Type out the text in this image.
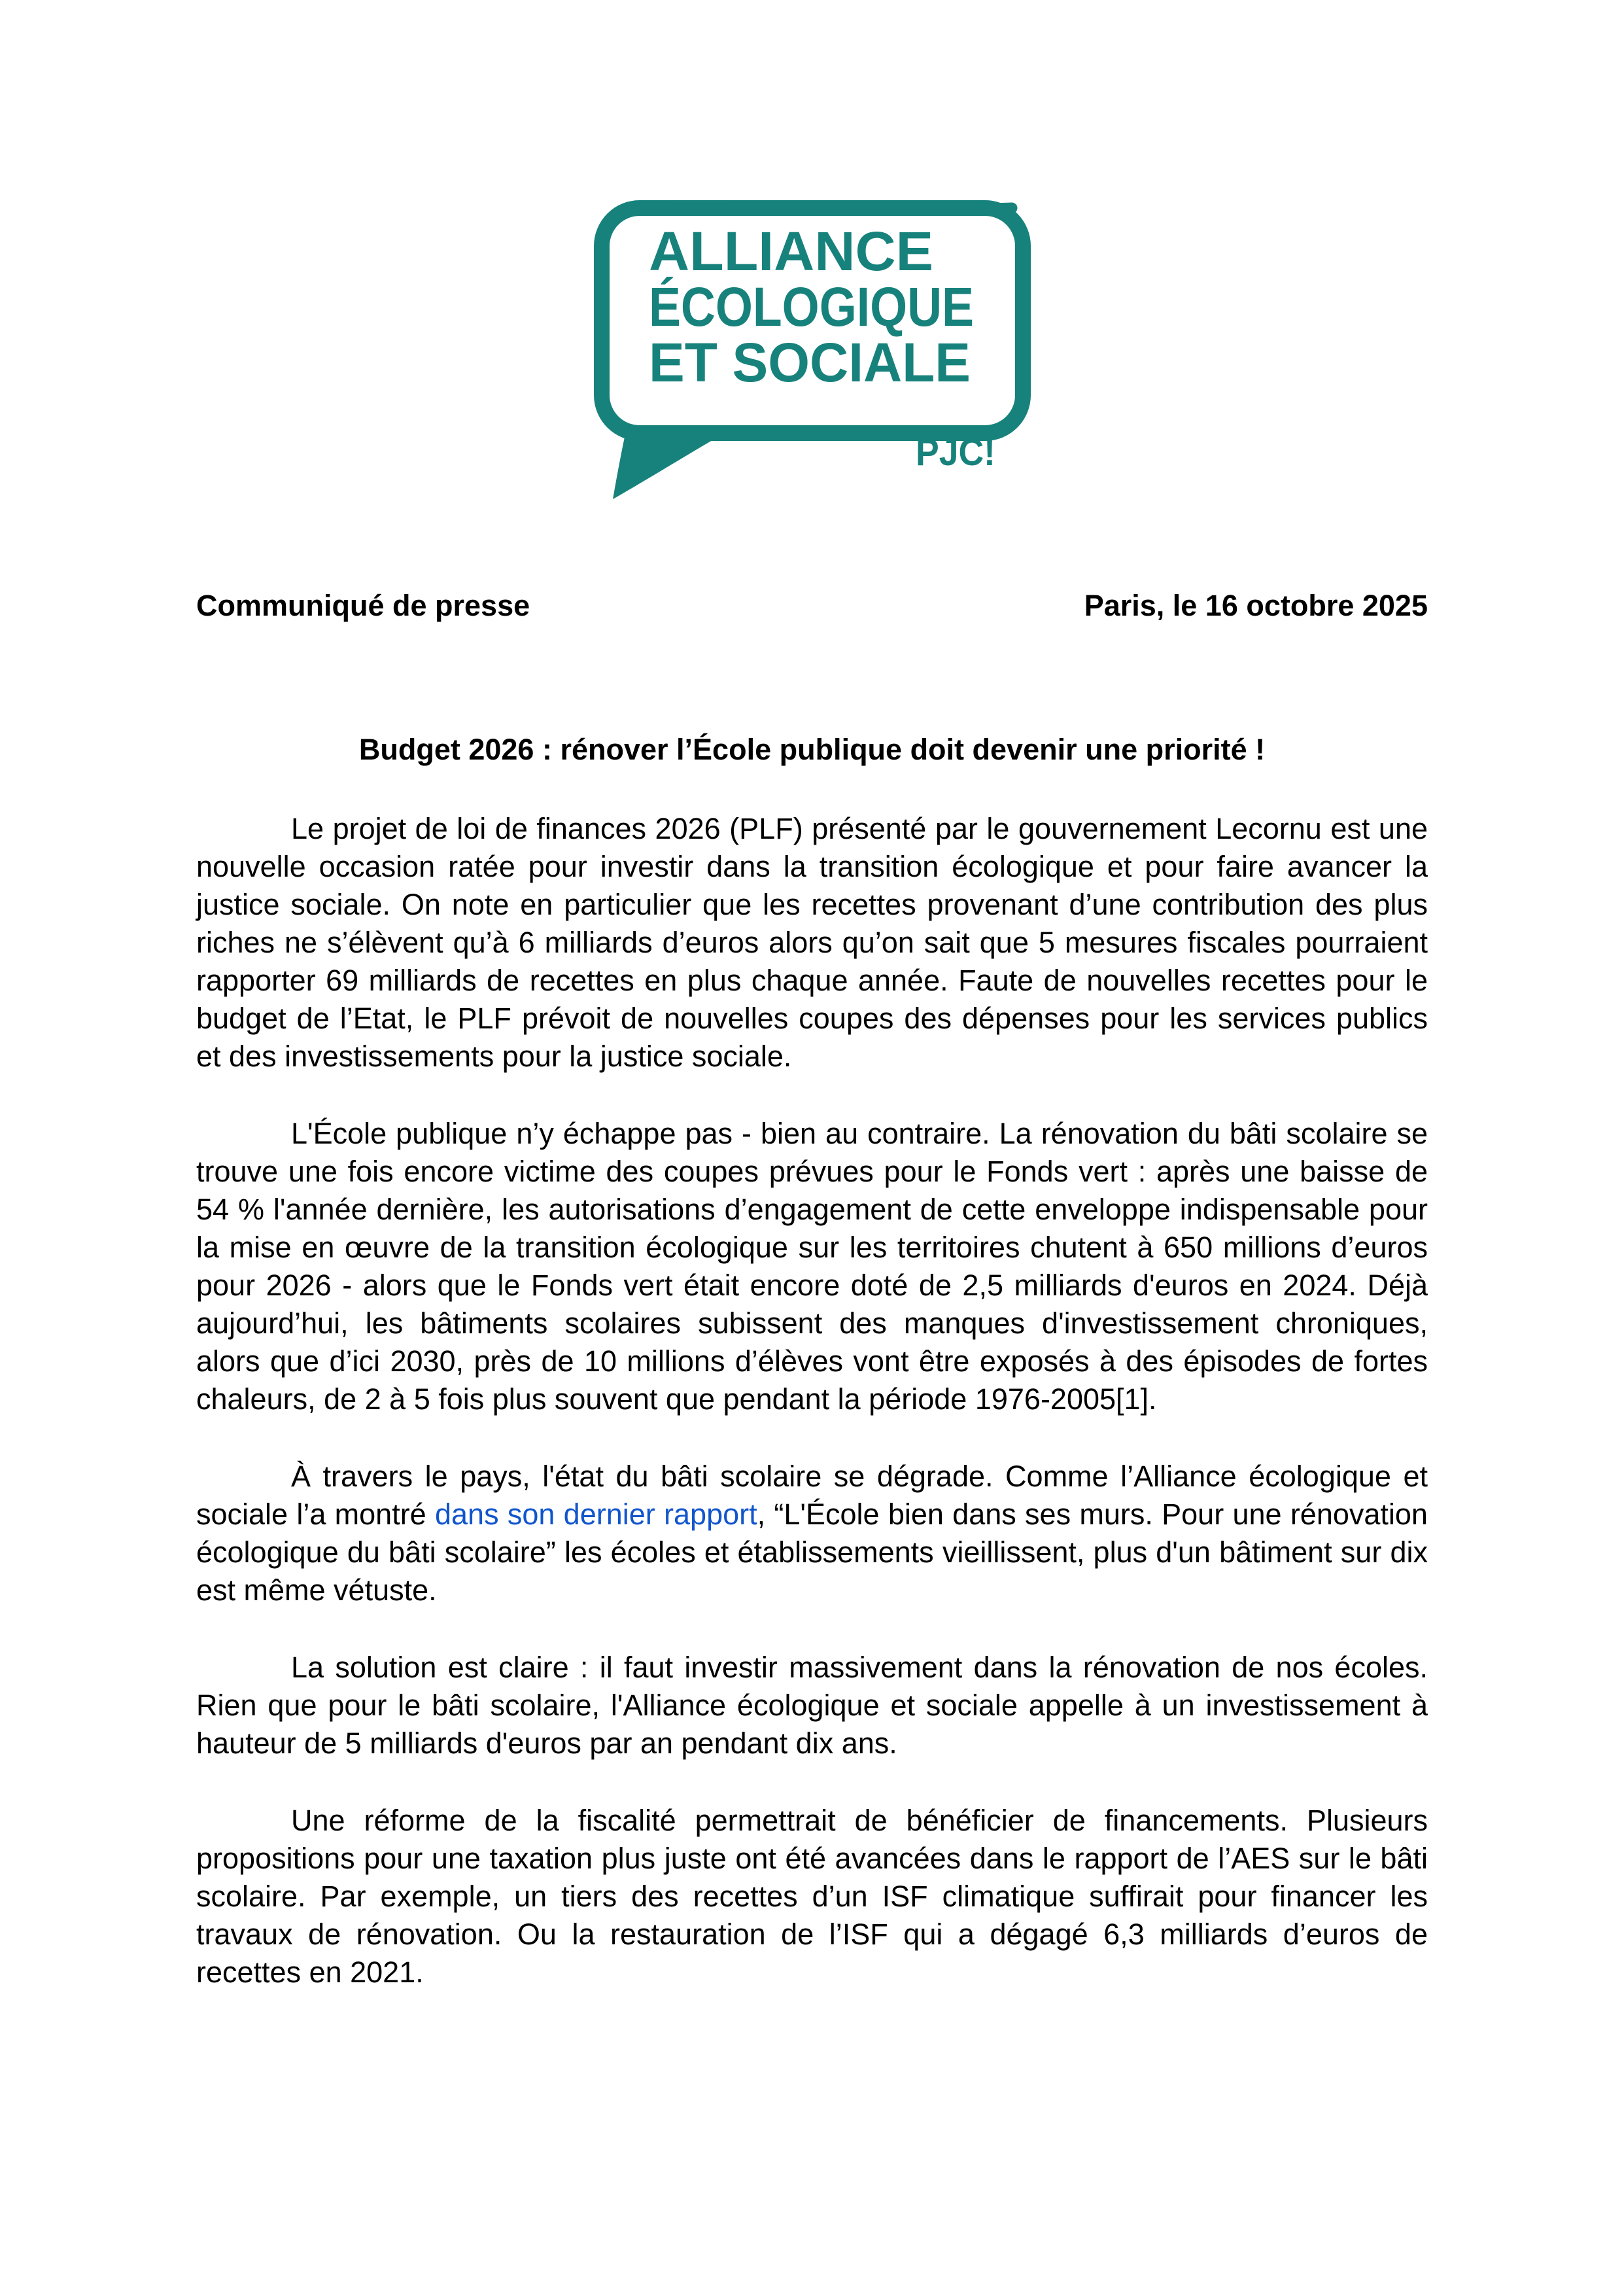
ALLIANCE
ÉCOLOGIQUE
ET SOCIALE
PJC!
Communiqué de presse	Paris, le 16 octobre 2025
Budget 2026 : rénover l’École publique doit devenir une priorité !

Le projet de loi de finances 2026 (PLF) présenté par le gouvernement Lecornu est une nouvelle occasion ratée pour investir dans la transition écologique et pour faire avancer la justice sociale. On note en particulier que les recettes provenant d’une contribution des plus riches ne s’élèvent qu’à 6 milliards d’euros alors qu’on sait que 5 mesures fiscales pourraient rapporter 69 milliards de recettes en plus chaque année. Faute de nouvelles recettes pour le budget de l’Etat, le PLF prévoit de nouvelles coupes des dépenses pour les services publics et des investissements pour la justice sociale.

L'École publique n’y échappe pas - bien au contraire. La rénovation du bâti scolaire se trouve une fois encore victime des coupes prévues pour le Fonds vert : après une baisse de 54 % l'année dernière, les autorisations d’engagement de cette enveloppe indispensable pour la mise en œuvre de la transition écologique sur les territoires chutent à 650 millions d’euros pour 2026 - alors que le Fonds vert était encore doté de 2,5 milliards d'euros en 2024. Déjà aujourd’hui, les bâtiments scolaires subissent des manques d'investissement chroniques, alors que d’ici 2030, près de 10 millions d’élèves vont être exposés à des épisodes de fortes chaleurs, de 2 à 5 fois plus souvent que pendant la période 1976-2005[1].

À travers le pays, l'état du bâti scolaire se dégrade. Comme l’Alliance écologique et sociale l’a montré dans son dernier rapport, “L'École bien dans ses murs. Pour une rénovation écologique du bâti scolaire” les écoles et établissements vieillissent, plus d'un bâtiment sur dix est même vétuste.

La solution est claire : il faut investir massivement dans la rénovation de nos écoles. Rien que pour le bâti scolaire, l'Alliance écologique et sociale appelle à un investissement à hauteur de 5 milliards d'euros par an pendant dix ans.

Une réforme de la fiscalité permettrait de bénéficier de financements. Plusieurs propositions pour une taxation plus juste ont été avancées dans le rapport de l’AES sur le bâti scolaire. Par exemple, un tiers des recettes d’un ISF climatique suffirait pour financer les travaux de rénovation. Ou la restauration de l’ISF qui a dégagé 6,3 milliards d’euros de recettes en 2021.
